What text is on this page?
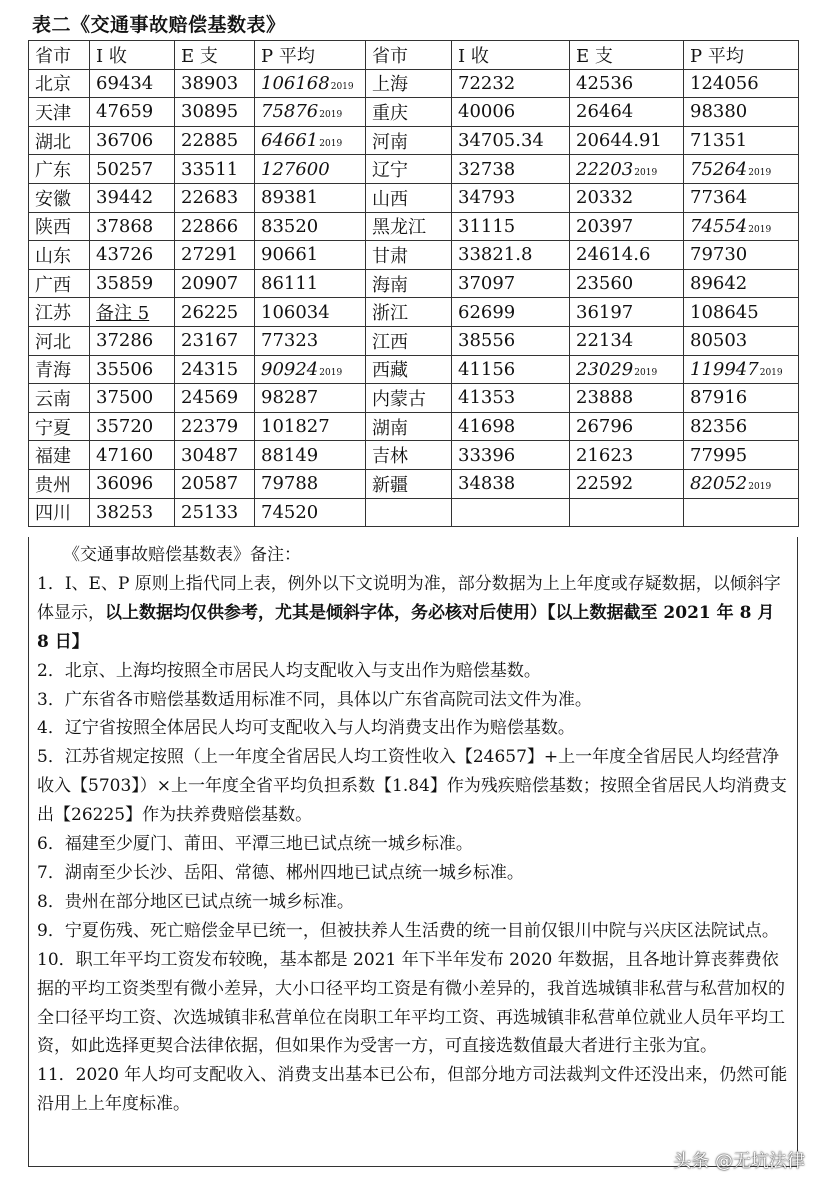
表二《交通事故赔偿基数表》
省市	I 收	E 支	P 平均	省市	I 收	E 支	P 平均
北京	69434	38903	1061682019	上海	72232	42536	124056
天津	47659	30895	758762019	重庆	40006	26464	98380
湖北	36706	22885	646612019	河南	34705.34	20644.91	71351
广东	50257	33511	127600	辽宁	32738	222032019	752642019
安徽	39442	22683	89381	山西	34793	20332	77364
陕西	37868	22866	83520	黑龙江	31115	20397	745542019
山东	43726	27291	90661	甘肃	33821.8	24614.6	79730
广西	35859	20907	86111	海南	37097	23560	89642
江苏	备注 5	26225	106034	浙江	62699	36197	108645
河北	37286	23167	77323	江西	38556	22134	80503
青海	35506	24315	909242019	西藏	41156	230292019	1199472019
云南	37500	24569	98287	内蒙古	41353	23888	87916
宁夏	35720	22379	101827	湖南	41698	26796	82356
福建	47160	30487	88149	吉林	33396	21623	77995
贵州	36096	20587	79788	新疆	34838	22592	820522019
四川	38253	25133	74520				

《交通事故赔偿基数表》备注：

1．I、E、P 原则上指代同上表，例外以下文说明为准，部分数据为上上年度或存疑数据，以倾斜字体显示，以上数据均仅供参考，尤其是倾斜字体，务必核对后使用）【以上数据截至 2021 年 8 月 8 日】

2．北京、上海均按照全市居民人均支配收入与支出作为赔偿基数。

3．广东省各市赔偿基数适用标准不同，具体以广东省高院司法文件为准。

4．辽宁省按照全体居民人均可支配收入与人均消费支出作为赔偿基数。

5．江苏省规定按照（上一年度全省居民人均工资性收入【24657】+上一年度全省居民人均经营净收入【5703】）×上一年度全省平均负担系数【1.84】作为残疾赔偿基数；按照全省居民人均消费支出【26225】作为扶养费赔偿基数。

6．福建至少厦门、莆田、平潭三地已试点统一城乡标准。

7．湖南至少长沙、岳阳、常德、郴州四地已试点统一城乡标准。

8．贵州在部分地区已试点统一城乡标准。

9．宁夏伤残、死亡赔偿金早已统一，但被扶养人生活费的统一目前仅银川中院与兴庆区法院试点。

10．职工年平均工资发布较晚，基本都是 2021 年下半年发布 2020 年数据，且各地计算丧葬费依据的平均工资类型有微小差异，大小口径平均工资是有微小差异的，我首选城镇非私营与私营加权的全口径平均工资、次选城镇非私营单位在岗职工年平均工资、再选城镇非私营单位就业人员年平均工资，如此选择更契合法律依据，但如果作为受害一方，可直接选数值最大者进行主张为宜。

11．2020 年人均可支配收入、消费支出基本已公布，但部分地方司法裁判文件还没出来，仍然可能沿用上上年度标准。

头条 @无坑法律
